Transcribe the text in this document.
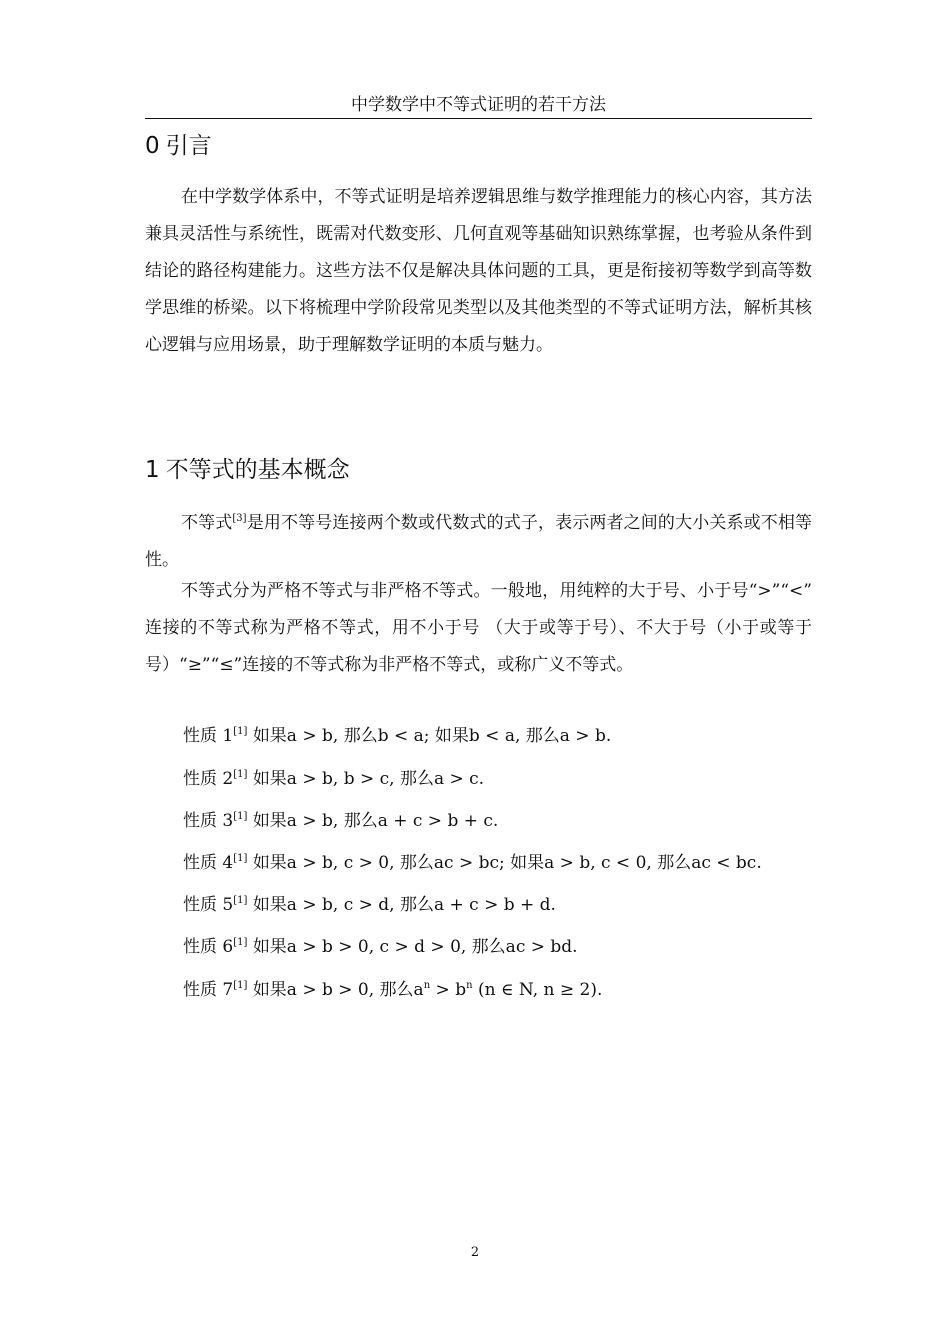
中学数学中不等式证明的若干方法
0 引言

在中学数学体系中，不等式证明是培养逻辑思维与数学推理能力的核心内容，其方法兼具灵活性与系统性，既需对代数变形、几何直观等基础知识熟练掌握，也考验从条件到结论的路径构建能力。这些方法不仅是解决具体问题的工具，更是衔接初等数学到高等数学思维的桥梁。以下将梳理中学阶段常见类型以及其他类型的不等式证明方法，解析其核心逻辑与应用场景，助于理解数学证明的本质与魅力。

1 不等式的基本概念

不等式[3]是用不等号连接两个数或代数式的式子，表示两者之间的大小关系或不相等性。

不等式分为严格不等式与非严格不等式。一般地，用纯粹的大于号、小于号“>”“<” 连接的不等式称为严格不等式，用不小于号 （大于或等于号）、不大于号（小于或等于号）“≥”“≤”连接的不等式称为非严格不等式，或称广义不等式。

性质 1[1] 如果a > b, 那么b < a; 如果b < a, 那么a > b.

性质 2[1] 如果a > b, b > c, 那么a > c.

性质 3[1] 如果a > b, 那么a + c > b + c.

性质 4[1] 如果a > b, c > 0, 那么ac > bc; 如果a > b, c < 0, 那么ac < bc.

性质 5[1] 如果a > b, c > d, 那么a + c > b + d.

性质 6[1] 如果a > b > 0, c > d > 0, 那么ac > bd.

性质 7[1] 如果a > b > 0, 那么$a^n > b^n$ (n ∈ N, n ≥ 2).

2
